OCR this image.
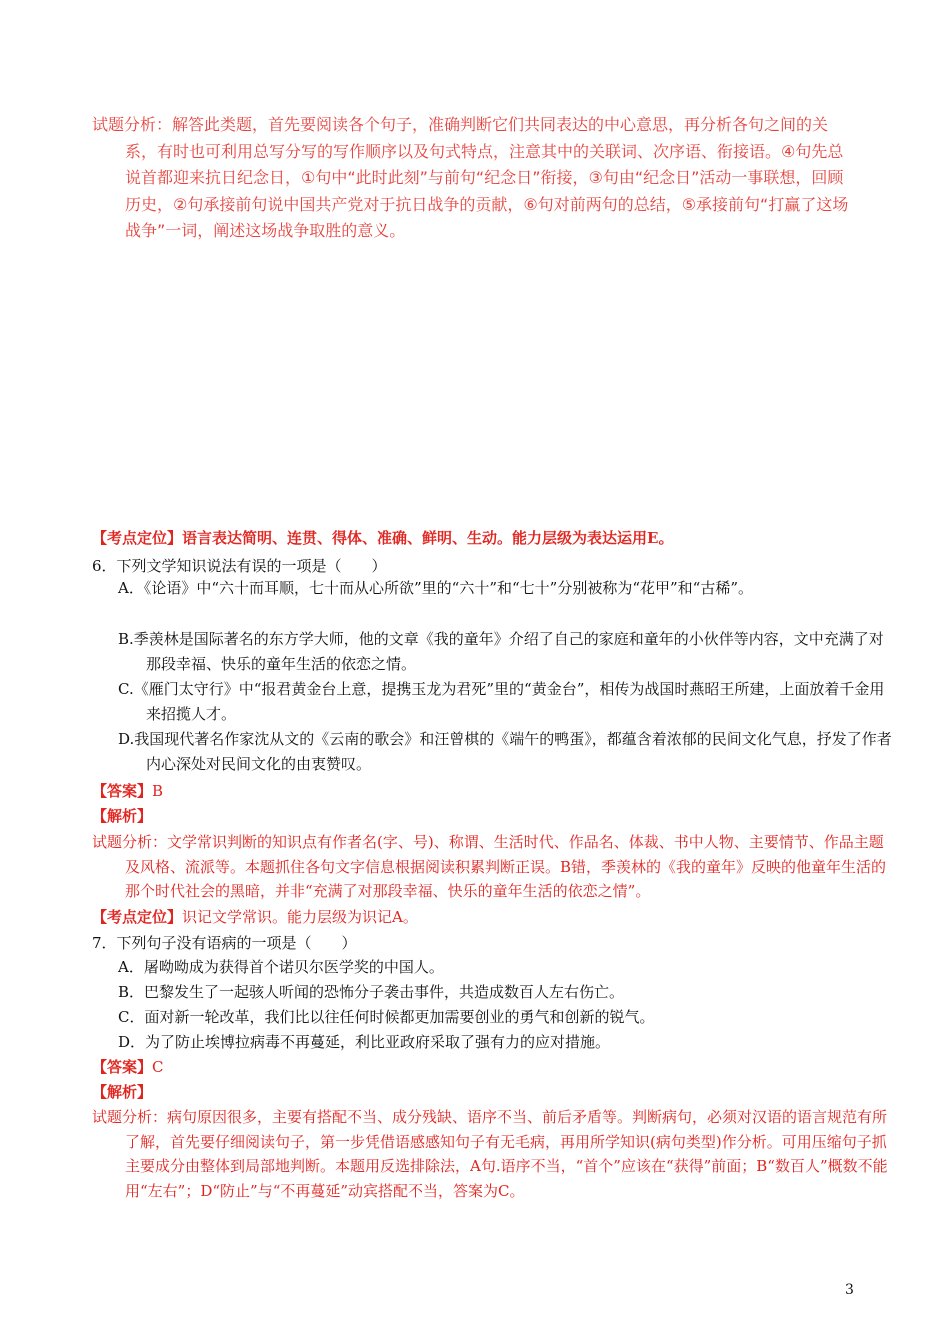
试题分析：解答此类题，首先要阅读各个句子，准确判断它们共同表达的中心意思，再分析各句之间的关系，有时也可利用总写分写的写作顺序以及句式特点，注意其中的关联词、次序语、衔接语。④句先总说首都迎来抗日纪念日，①句中“此时此刻”与前句“纪念日”衔接，③句由“纪念日”活动一事联想，回顾历史，②句承接前句说中国共产党对于抗日战争的贡献，⑥句对前两句的总结，⑤承接前句“打赢了这场战争”一词，阐述这场战争取胜的意义。

【考点定位】语言表达简明、连贯、得体、准确、鲜明、生动。能力层级为表达运用E。
6．下列文学知识说法有误的一项是（　　）

A．《论语》中“六十而耳顺，七十而从心所欲”里的“六十”和“七十”分别被称为“花甲”和“古稀”。

B.季羡林是国际著名的东方学大师，他的文章《我的童年》介绍了自己的家庭和童年的小伙伴等内容，文中充满了对那段幸福、快乐的童年生活的依恋之情。

C.《雁门太守行》中“报君黄金台上意，提携玉龙为君死”里的“黄金台”，相传为战国时燕昭王所建，上面放着千金用来招揽人才。

D.我国现代著名作家沈从文的《云南的歌会》和汪曾棋的《端午的鸭蛋》，都蕴含着浓郁的民间文化气息，抒发了作者内心深处对民间文化的由衷赞叹。

【答案】B
【解析】

试题分析：文学常识判断的知识点有作者名(字、号)、称谓、生活时代、作品名、体裁、书中人物、主要情节、作品主题及风格、流派等。本题抓住各句文字信息根据阅读积累判断正误。B错，季羡林的《我的童年》反映的他童年生活的那个时代社会的黑暗，并非“充满了对那段幸福、快乐的童年生活的依恋之情”。

【考点定位】识记文学常识。能力层级为识记A。
7．下列句子没有语病的一项是（　　）
A．屠呦呦成为获得首个诺贝尔医学奖的中国人。
B．巴黎发生了一起骇人听闻的恐怖分子袭击事件，共造成数百人左右伤亡。
C．面对新一轮改革，我们比以往任何时候都更加需要创业的勇气和创新的锐气。
D．为了防止埃博拉病毒不再蔓延，利比亚政府采取了强有力的应对措施。
【答案】C
【解析】

试题分析：病句原因很多，主要有搭配不当、成分残缺、语序不当、前后矛盾等。判断病句，必须对汉语的语言规范有所了解，首先要仔细阅读句子，第一步凭借语感感知句子有无毛病，再用所学知识(病句类型)作分析。可用压缩句子抓主要成分由整体到局部地判断。本题用反选排除法，A句.语序不当，“首个”应该在“获得”前面；B“数百人”概数不能用“左右”；D“防止”与“不再蔓延”动宾搭配不当，答案为C。

3
